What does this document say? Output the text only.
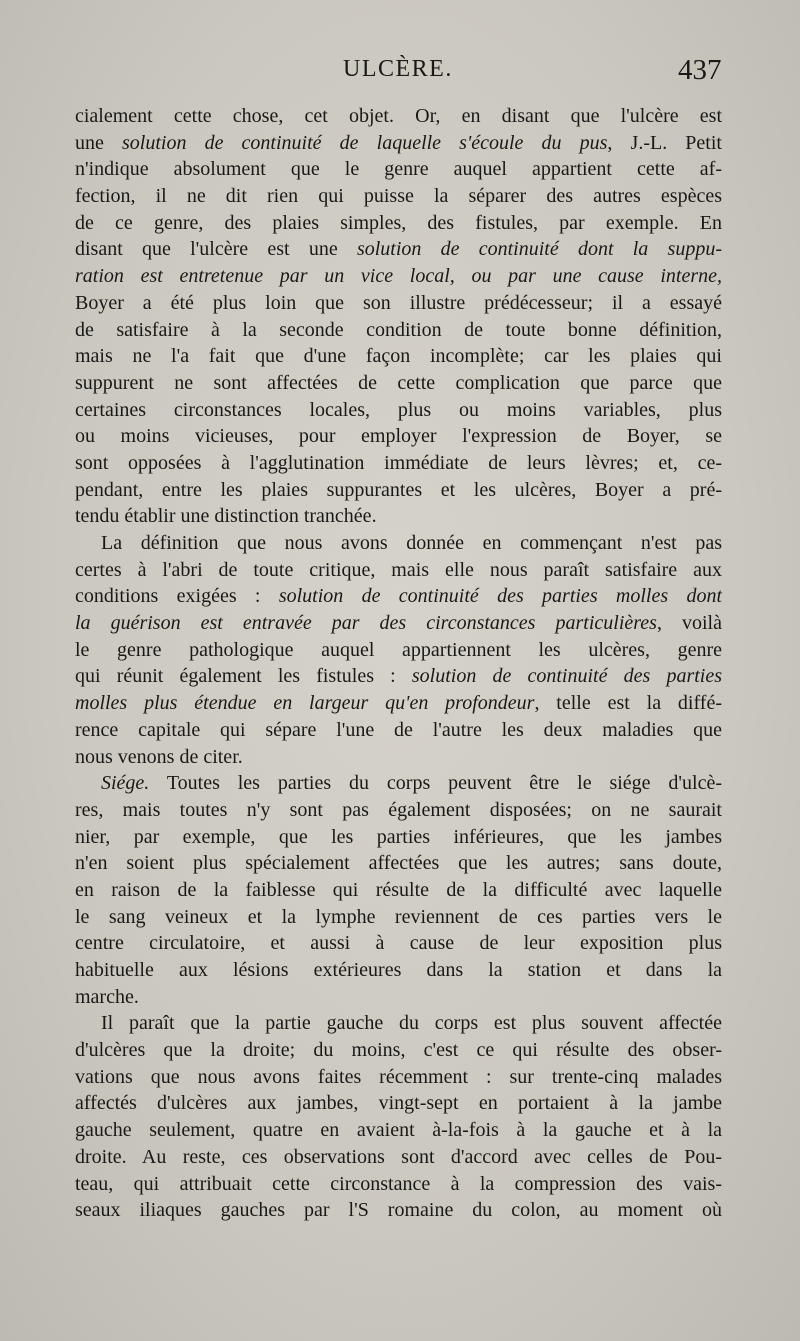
ULCÈRE.	437
cialement cette chose, cet objet. Or, en disant que l'ulcère est
une solution de continuité de laquelle s'écoule du pus, J.-L. Petit
n'indique absolument que le genre auquel appartient cette af-
fection, il ne dit rien qui puisse la séparer des autres espèces
de ce genre, des plaies simples, des fistules, par exemple. En
disant que l'ulcère est une solution de continuité dont la suppu-
ration est entretenue par un vice local, ou par une cause interne,
Boyer a été plus loin que son illustre prédécesseur; il a essayé
de satisfaire à la seconde condition de toute bonne définition,
mais ne l'a fait que d'une façon incomplète; car les plaies qui
suppurent ne sont affectées de cette complication que parce que
certaines circonstances locales, plus ou moins variables, plus
ou moins vicieuses, pour employer l'expression de Boyer, se
sont opposées à l'agglutination immédiate de leurs lèvres; et, ce-
pendant, entre les plaies suppurantes et les ulcères, Boyer a pré-
tendu établir une distinction tranchée.
La définition que nous avons donnée en commençant n'est pas
certes à l'abri de toute critique, mais elle nous paraît satisfaire aux
conditions exigées : solution de continuité des parties molles dont
la guérison est entravée par des circonstances particulières, voilà
le genre pathologique auquel appartiennent les ulcères, genre
qui réunit également les fistules : solution de continuité des parties
molles plus étendue en largeur qu'en profondeur, telle est la diffé-
rence capitale qui sépare l'une de l'autre les deux maladies que
nous venons de citer.
Siége. Toutes les parties du corps peuvent être le siége d'ulcè-
res, mais toutes n'y sont pas également disposées; on ne saurait
nier, par exemple, que les parties inférieures, que les jambes
n'en soient plus spécialement affectées que les autres; sans doute,
en raison de la faiblesse qui résulte de la difficulté avec laquelle
le sang veineux et la lymphe reviennent de ces parties vers le
centre circulatoire, et aussi à cause de leur exposition plus
habituelle aux lésions extérieures dans la station et dans la
marche.
Il paraît que la partie gauche du corps est plus souvent affectée
d'ulcères que la droite; du moins, c'est ce qui résulte des obser-
vations que nous avons faites récemment : sur trente-cinq malades
affectés d'ulcères aux jambes, vingt-sept en portaient à la jambe
gauche seulement, quatre en avaient à-la-fois à la gauche et à la
droite. Au reste, ces observations sont d'accord avec celles de Pou-
teau, qui attribuait cette circonstance à la compression des vais-
seaux iliaques gauches par l'S romaine du colon, au moment où
